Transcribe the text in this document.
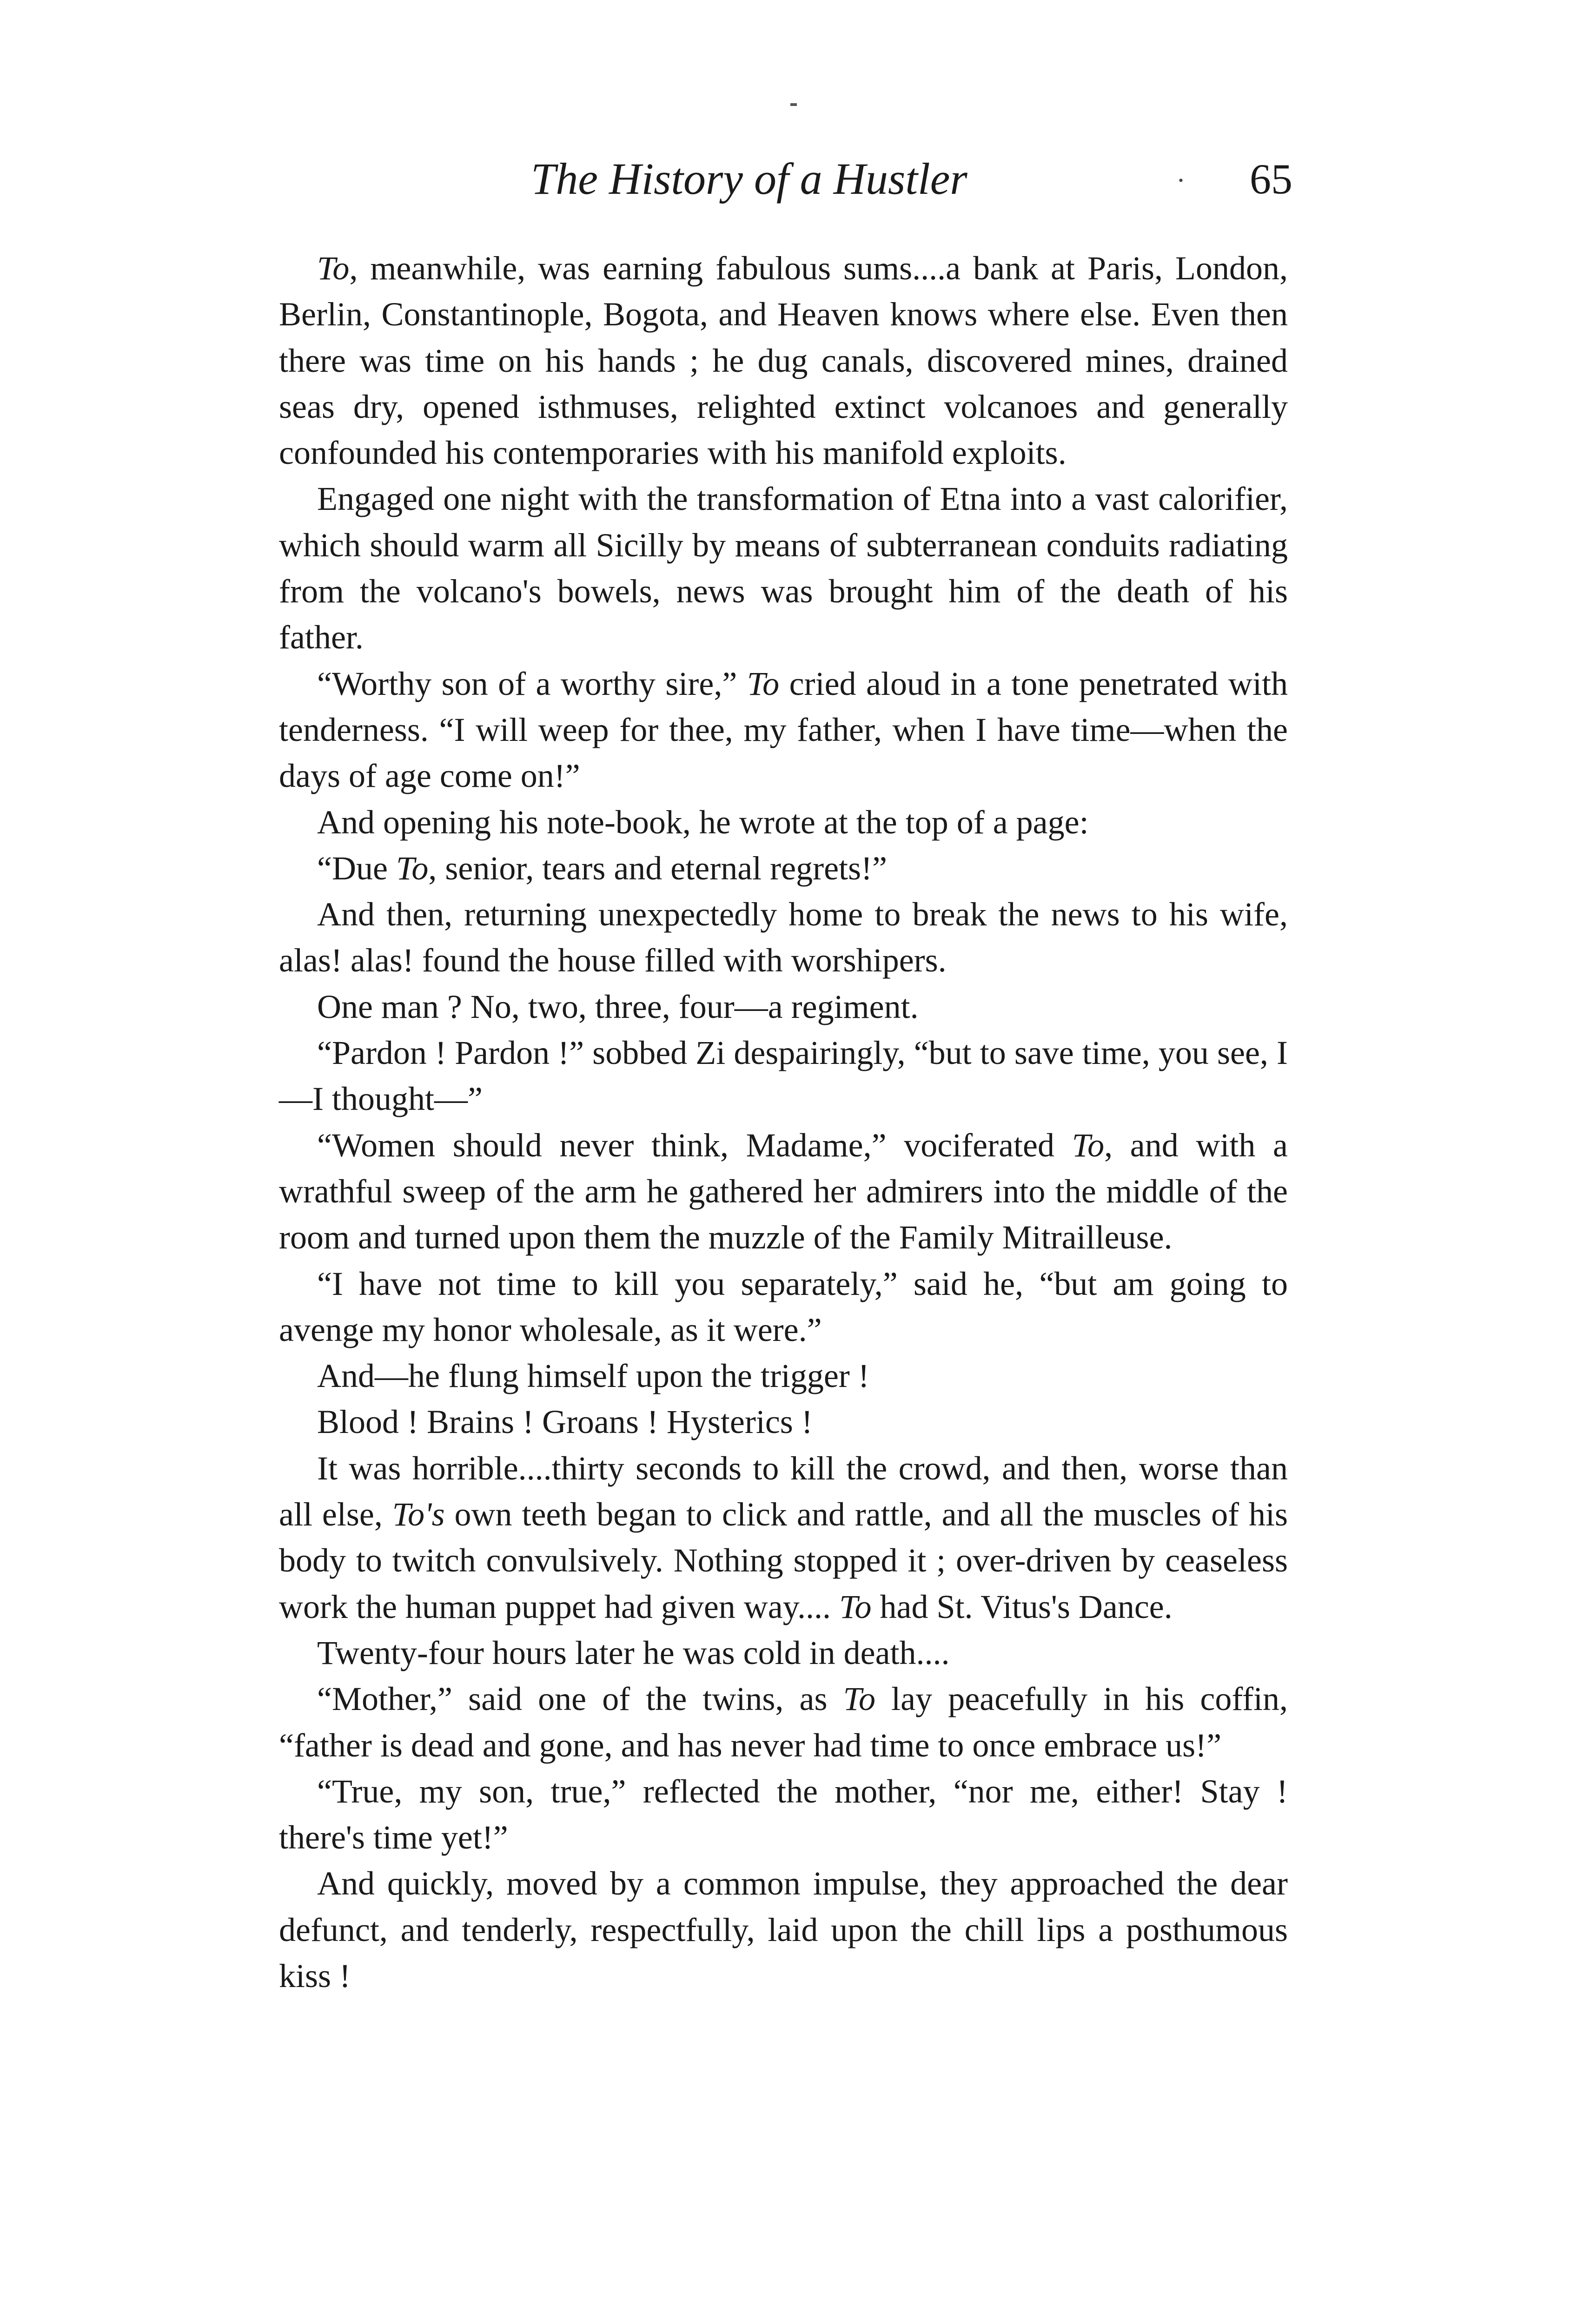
The History of a Hustler	· 65

To, meanwhile, was earning fabulous sums....a bank at Paris, London, Berlin, Constantinople, Bogota, and Heaven knows where else. Even then there was time on his hands ; he dug canals, discovered mines, drained seas dry, opened isthmuses, relighted extinct volcanoes and generally confounded his contemporaries with his manifold exploits.

Engaged one night with the transformation of Etna into a vast calorifier, which should warm all Sicilly by means of subterranean conduits radiating from the volcano's bowels, news was brought him of the death of his father.

“Worthy son of a worthy sire,” To cried aloud in a tone penetrated with tenderness. “I will weep for thee, my father, when I have time—when the days of age come on!”

And opening his note-book, he wrote at the top of a page:

“Due To, senior, tears and eternal regrets!”

And then, returning unexpectedly home to break the news to his wife, alas! alas! found the house filled with worshipers.

One man ? No, two, three, four—a regiment.

“Pardon ! Pardon !” sobbed Zi despairingly, “but to save time, you see, I—I thought—”

“Women should never think, Madame,” vociferated To, and with a wrathful sweep of the arm he gathered her admirers into the middle of the room and turned upon them the muzzle of the Family Mitrailleuse.

“I have not time to kill you separately,” said he, “but am going to avenge my honor wholesale, as it were.”

And—he flung himself upon the trigger !

Blood ! Brains ! Groans ! Hysterics !

It was horrible....thirty seconds to kill the crowd, and then, worse than all else, To's own teeth began to click and rattle, and all the muscles of his body to twitch convulsively. Nothing stopped it ; over-driven by ceaseless work the human puppet had given way.... To had St. Vitus's Dance.

Twenty-four hours later he was cold in death....

“Mother,” said one of the twins, as To lay peacefully in his coffin, “father is dead and gone, and has never had time to once embrace us!”

“True, my son, true,” reflected the mother, “nor me, either! Stay ! there's time yet!”

And quickly, moved by a common impulse, they approached the dear defunct, and tenderly, respectfully, laid upon the chill lips a posthumous kiss !
